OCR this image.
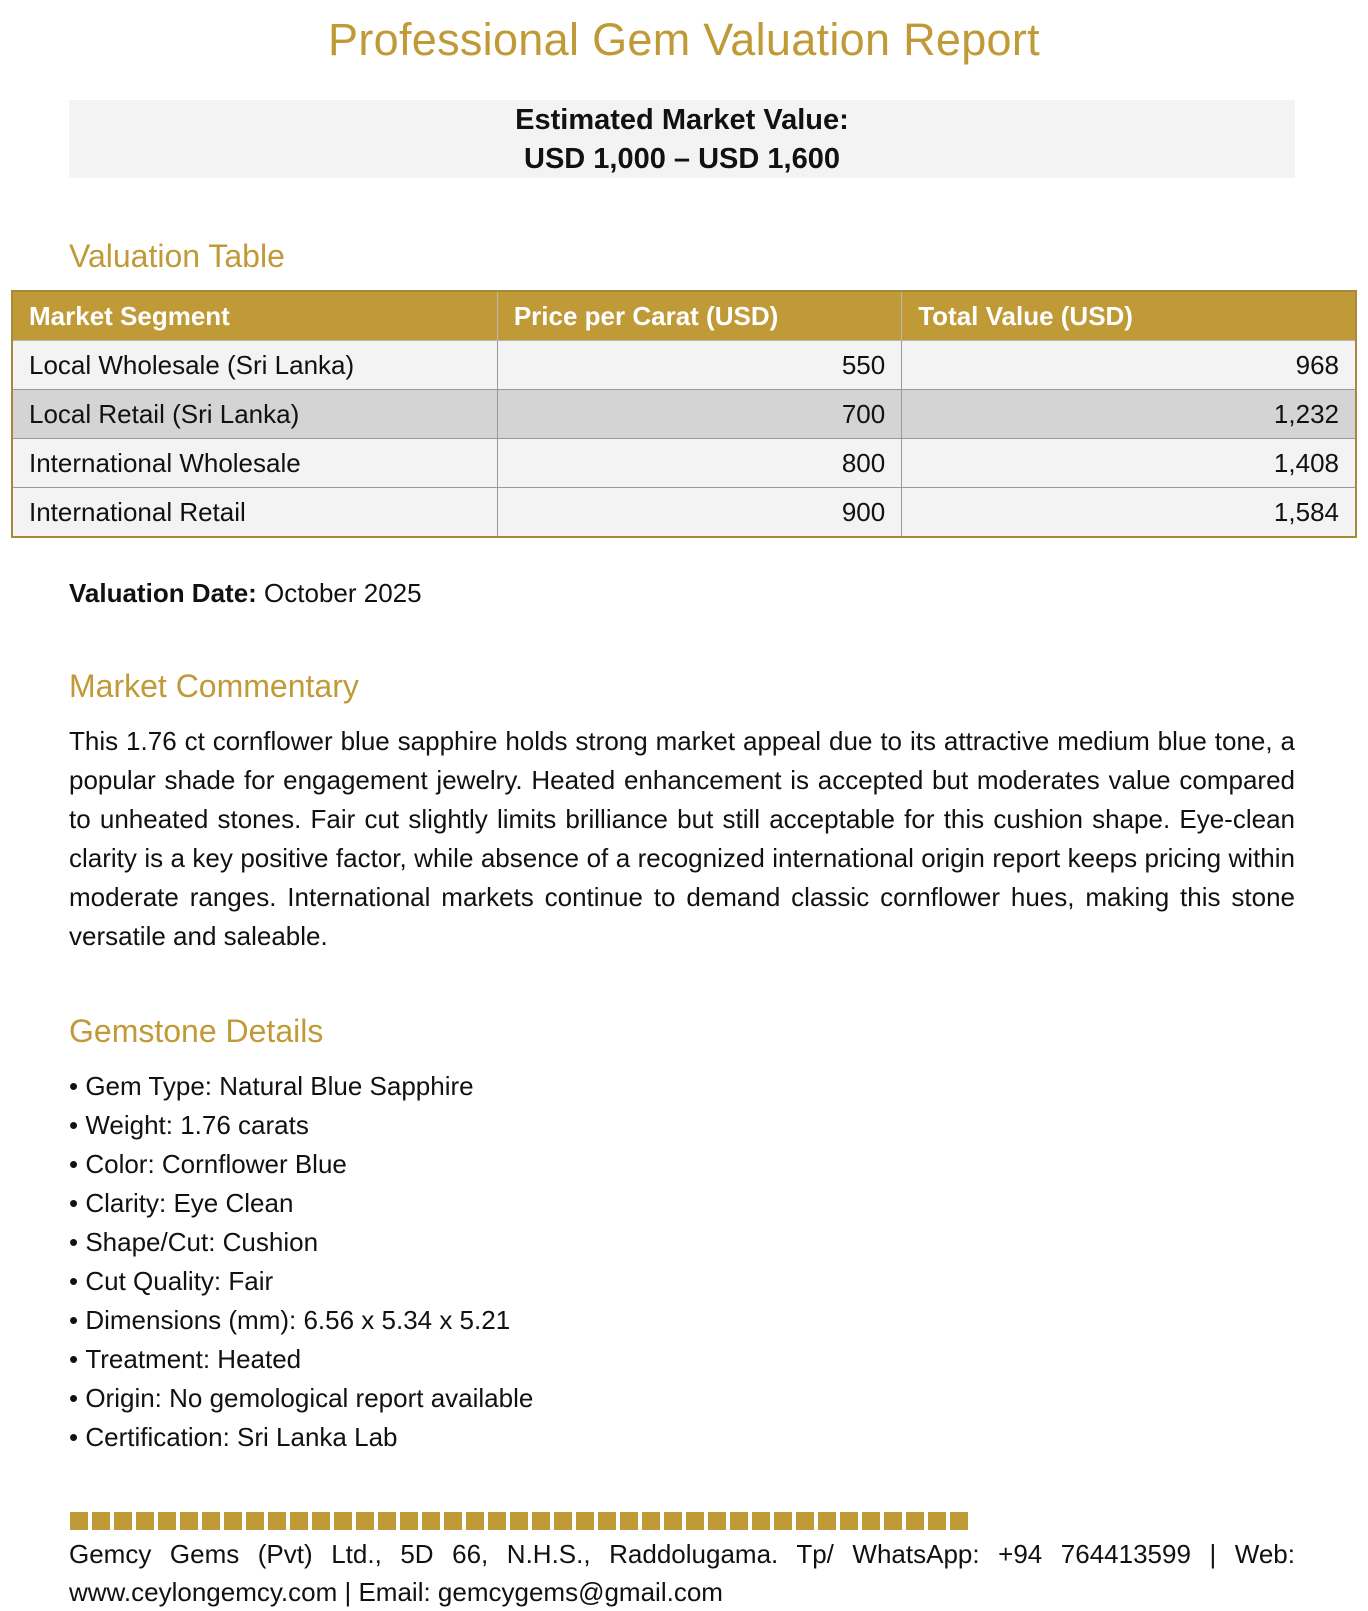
Professional Gem Valuation Report
Estimated Market Value:
USD 1,000 – USD 1,600
Valuation Table
Market Segment	Price per Carat (USD)	Total Value (USD)
Local Wholesale (Sri Lanka)	550	968
Local Retail (Sri Lanka)	700	1,232
International Wholesale	800	1,408
International Retail	900	1,584
Valuation Date: October 2025
Market Commentary

This 1.76 ct cornflower blue sapphire holds strong market appeal due to its attractive medium blue tone, a popular shade for engagement jewelry. Heated enhancement is accepted but moderates value compared to unheated stones. Fair cut slightly limits brilliance but still acceptable for this cushion shape. Eye-clean clarity is a key positive factor, while absence of a recognized international origin report keeps pricing within moderate ranges. International markets continue to demand classic cornflower hues, making this stone versatile and saleable.

Gemstone Details
• Gem Type: Natural Blue Sapphire
• Weight: 1.76 carats
• Color: Cornflower Blue
• Clarity: Eye Clean
• Shape/Cut: Cushion
• Cut Quality: Fair
• Dimensions (mm): 6.56 x 5.34 x 5.21
• Treatment: Heated
• Origin: No gemological report available
• Certification: Sri Lanka Lab

Gemcy Gems (Pvt) Ltd., 5D 66, N.H.S., Raddolugama. Tp/ WhatsApp: +94 764413599 | Web: www.ceylongemcy.com | Email: gemcygems@gmail.com
